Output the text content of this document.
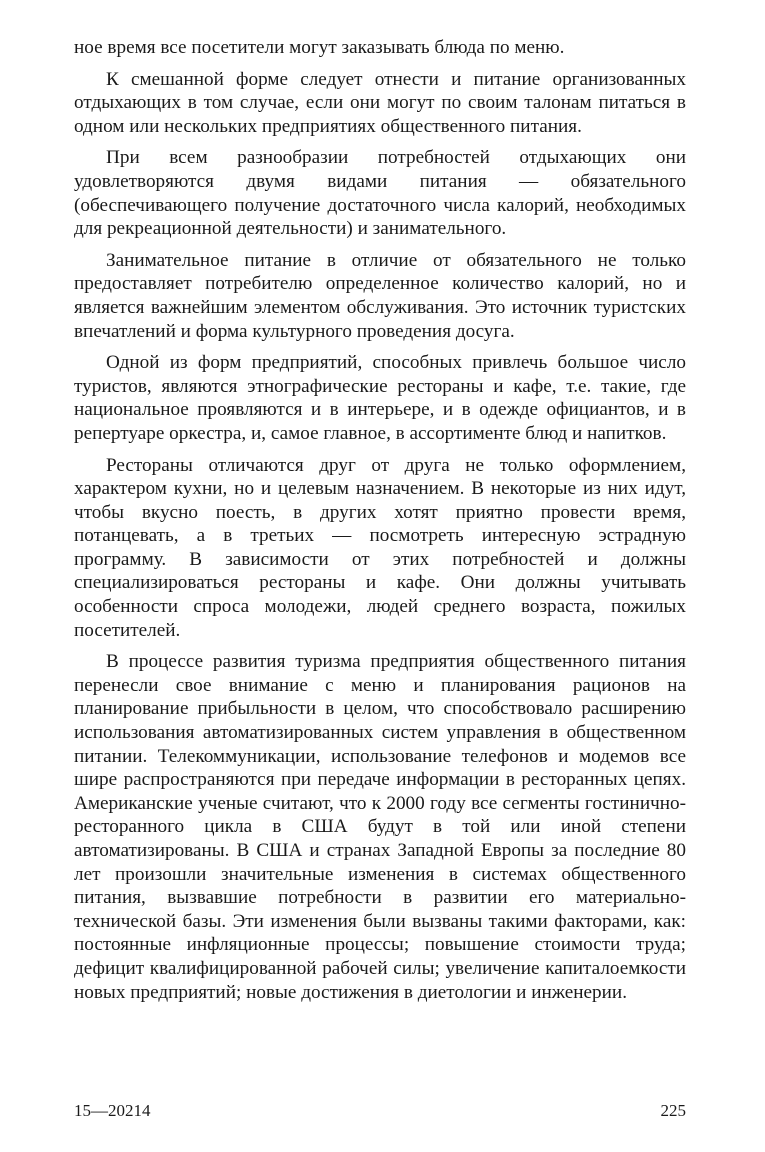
ное время все посетители могут заказывать блюда по меню.

К смешанной форме следует отнести и питание организованных отдыхающих в том случае, если они могут по своим талонам питаться в одном или нескольких предприятиях общественного питания.

При всем разнообразии потребностей отдыхающих они удовлетворяются двумя видами питания — обязательного (обеспечивающего получение достаточного числа калорий, необходимых для рекреационной деятельности) и занимательного.

Занимательное питание в отличие от обязательного не только предоставляет потребителю определенное количество калорий, но и является важнейшим элементом обслуживания. Это источник туристских впечатлений и форма культурного проведения досуга.

Одной из форм предприятий, способных привлечь большое число туристов, являются этнографические рестораны и кафе, т.е. такие, где национальное проявляются и в интерьере, и в одежде официантов, и в репертуаре оркестра, и, самое главное, в ассортименте блюд и напитков.

Рестораны отличаются друг от друга не только оформлением, характером кухни, но и целевым назначением. В некоторые из них идут, чтобы вкусно поесть, в других хотят приятно провести время, потанцевать, а в третьих — посмотреть интересную эстрадную программу. В зависимости от этих потребностей и должны специализироваться рестораны и кафе. Они должны учитывать особенности спроса молодежи, людей среднего возраста, пожилых посетителей.

В процессе развития туризма предприятия общественного питания перенесли свое внимание с меню и планирования рационов на планирование прибыльности в целом, что способствовало расширению использования автоматизированных систем управления в общественном питании. Телекоммуникации, использование телефонов и модемов все шире распространяются при передаче информации в ресторанных цепях. Американские ученые считают, что к 2000 году все сегменты гостинично-ресторанного цикла в США будут в той или иной степени автоматизированы. В США и странах Западной Европы за последние 80 лет произошли значительные изменения в системах общественного питания, вызвавшие потребности в развитии его материально-технической базы. Эти изменения были вызваны такими факторами, как: постоянные инфляционные процессы; повышение стоимости труда; дефицит квалифицированной рабочей силы; увеличение капиталоемкости новых предприятий; новые достижения в диетологии и инженерии.

15—20214	225
